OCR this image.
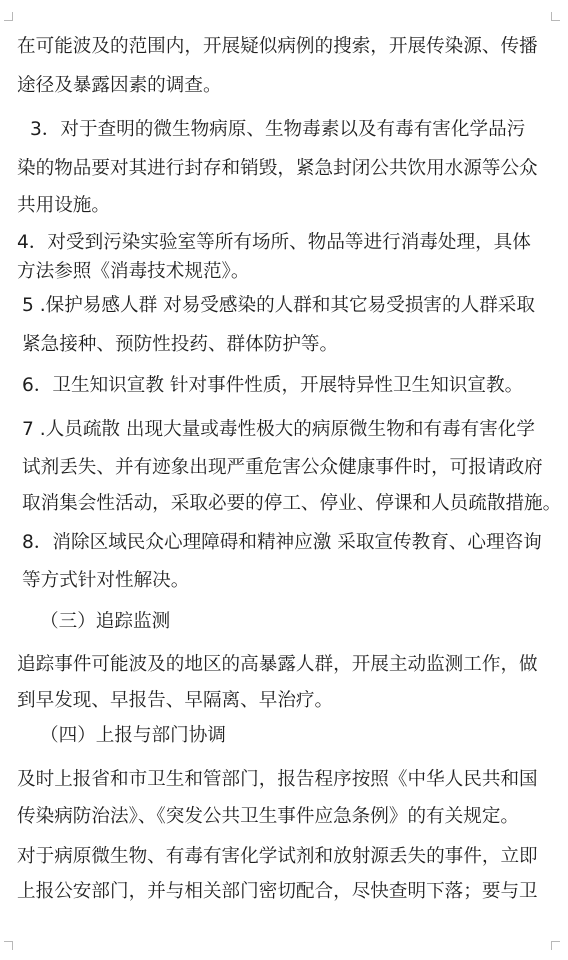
在可能波及的范围内，开展疑似病例的搜索，开展传染源、传播
途径及暴露因素的调查。
3．对于查明的微生物病原、生物毒素以及有毒有害化学品污
染的物品要对其进行封存和销毁，紧急封闭公共饮用水源等公众
共用设施。
4．对受到污染实验室等所有场所、物品等进行消毒处理，具体
方法参照《消毒技术规范》。
5 .保护易感人群 对易受感染的人群和其它易受损害的人群采取
紧急接种、预防性投药、群体防护等。
6．卫生知识宣教 针对事件性质，开展特异性卫生知识宣教。
7 .人员疏散 出现大量或毒性极大的病原微生物和有毒有害化学
试剂丢失、并有迹象出现严重危害公众健康事件时，可报请政府
取消集会性活动，采取必要的停工、停业、停课和人员疏散措施。
8．消除区域民众心理障碍和精神应激 采取宣传教育、心理咨询
等方式针对性解决。
（三）追踪监测
追踪事件可能波及的地区的高暴露人群，开展主动监测工作，做
到早发现、早报告、早隔离、早治疗。
（四）上报与部门协调
及时上报省和市卫生和管部门，报告程序按照《中华人民共和国
传染病防治法》、《突发公共卫生事件应急条例》的有关规定。
对于病原微生物、有毒有害化学试剂和放射源丢失的事件，立即
上报公安部门，并与相关部门密切配合，尽快查明下落；要与卫
